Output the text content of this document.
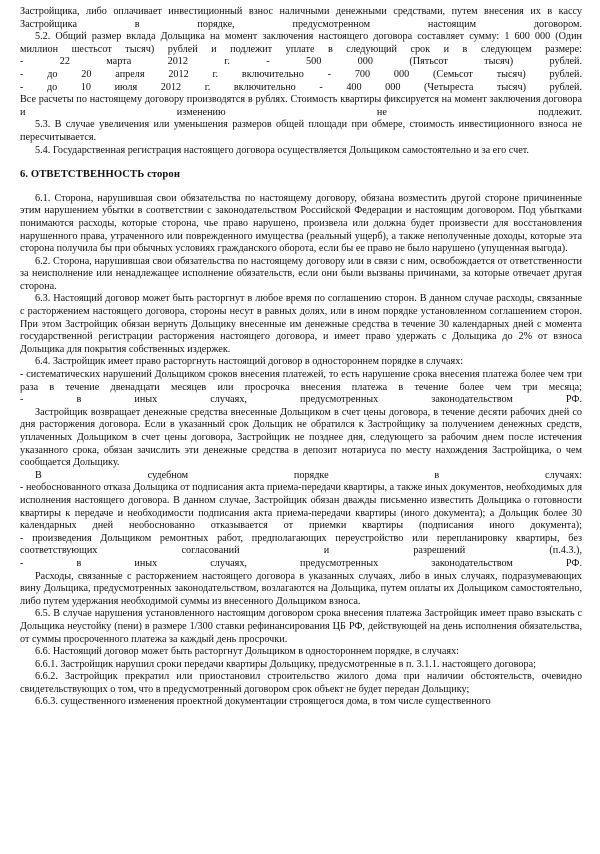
Застройщика, либо оплачивает инвестиционный взнос наличными денежными средствами, путем внесения их в кассу Застройщика в порядке, предусмотренном настоящим договором.

5.2. Общий размер вклада Дольщика на момент заключения настоящего договора составляет сумму: 1 600 000 (Один миллион шестьсот тысяч) рублей и подлежит уплате в следующий срок и в следующем размере:

- 22 марта 2012 г. - 500 000 (Пятьсот тысяч) рублей.

- до 20 апреля 2012 г. включительно - 700 000 (Семьсот тысяч) рублей.

- до 10 июля 2012 г. включительно - 400 000 (Четыреста тысяч) рублей.

Все расчеты по настоящему договору производятся в рублях. Стоимость квартиры фиксируется на момент заключения договора и изменению не подлежит.

5.3. В случае увеличения или уменьшения размеров общей площади при обмере, стоимость инвестиционного взноса не пересчитывается.

5.4. Государственная регистрация настоящего договора осуществляется Дольщиком самостоятельно и за его счет.

6. ОТВЕТСТВЕННОСТЬ сторон

6.1. Сторона, нарушившая свои обязательства по настоящему договору, обязана возместить другой стороне причиненные этим нарушением убытки в соответствии с законодательством Российской Федерации и настоящим договором. Под убытками понимаются расходы, которые сторона, чье право нарушено, произвела или должна будет произвести для восстановления нарушенного права, утраченного или поврежденного имущества (реальный ущерб), а также неполученные доходы, которые эта сторона получила бы при обычных условиях гражданского оборота, если бы ее право не было нарушено (упущенная выгода).

6.2. Сторона, нарушившая свои обязательства по настоящему договору или в связи с ним, освобождается от ответственности за неисполнение или ненадлежащее исполнение обязательств, если они были вызваны причинами, за которые отвечает другая сторона.

6.3. Настоящий договор может быть расторгнут в любое время по соглашению сторон. В данном случае расходы, связанные с расторжением настоящего договора, стороны несут в равных долях, или в ином порядке установленном соглашением сторон. При этом Застройщик обязан вернуть Дольщику внесенные им денежные средства в течение 30 календарных дней с момента государственной регистрации расторжения настоящего договора, и имеет право удержать с Дольщика до 2% от взноса Дольщика для покрытия собственных издержек.

6.4. Застройщик имеет право расторгнуть настоящий договор в одностороннем порядке в случаях:

- систематических нарушений Дольщиком сроков внесения платежей, то есть нарушение срока внесения платежа более чем три раза в течение двенадцати месяцев или просрочка внесения платежа в течение более чем три месяца;

- в иных случаях, предусмотренных законодательством РФ.

Застройщик возвращает денежные средства внесенные Дольщиком в счет цены договора, в течение десяти рабочих дней со дня расторжения договора. Если в указанный срок Дольщик не обратился к Застройщику за получением денежных средств, уплаченных Дольщиком в счет цены договора, Застройщик не позднее дня, следующего за рабочим днем после истечения указанного срока, обязан зачислить эти денежные средства в депозит нотариуса по месту нахождения Застройщика, о чем сообщается Дольщику.

В судебном порядке в случаях:

- необоснованного отказа Дольщика от подписания акта приема-передачи квартиры, а также иных документов, необходимых для исполнения настоящего договора. В данном случае, Застройщик обязан дважды письменно известить Дольщика о готовности квартиры к передаче и необходимости подписания акта приема-передачи квартиры (иного документа); а Дольщик более 30 календарных дней необоснованно отказывается от приемки квартиры (подписания иного документа);

- произведения Дольщиком ремонтных работ, предполагающих переустройство или перепланировку квартиры, без соответствующих согласований и разрешений (п.4.3.),

- в иных случаях, предусмотренных законодательством РФ.

Расходы, связанные с расторжением настоящего договора в указанных случаях, либо в иных случаях, подразумевающих вину Дольщика, предусмотренных законодательством, возлагаются на Дольщика, путем оплаты их Дольщиком самостоятельно, либо путем удержания необходимой суммы из внесенного Дольщиком взноса.

6.5. В случае нарушения установленного настоящим договором срока внесения платежа Застройщик имеет право взыскать с Дольщика неустойку (пени) в размере 1/300 ставки рефинансирования ЦБ РФ, действующей на день исполнения обязательства, от суммы просроченного платежа за каждый день просрочки.

6.6. Настоящий договор может быть расторгнут Дольщиком в одностороннем порядке, в случаях:

6.6.1. Застройщик нарушил сроки передачи квартиры Дольщику, предусмотренные в п. 3.1.1. настоящего договора;

6.6.2. Застройщик прекратил или приостановил строительство жилого дома при наличии обстоятельств, очевидно свидетельствующих о том, что в предусмотренный договором срок объект не будет передан Дольщику;

6.6.3. существенного изменения проектной документации строящегося дома, в том числе существенного
